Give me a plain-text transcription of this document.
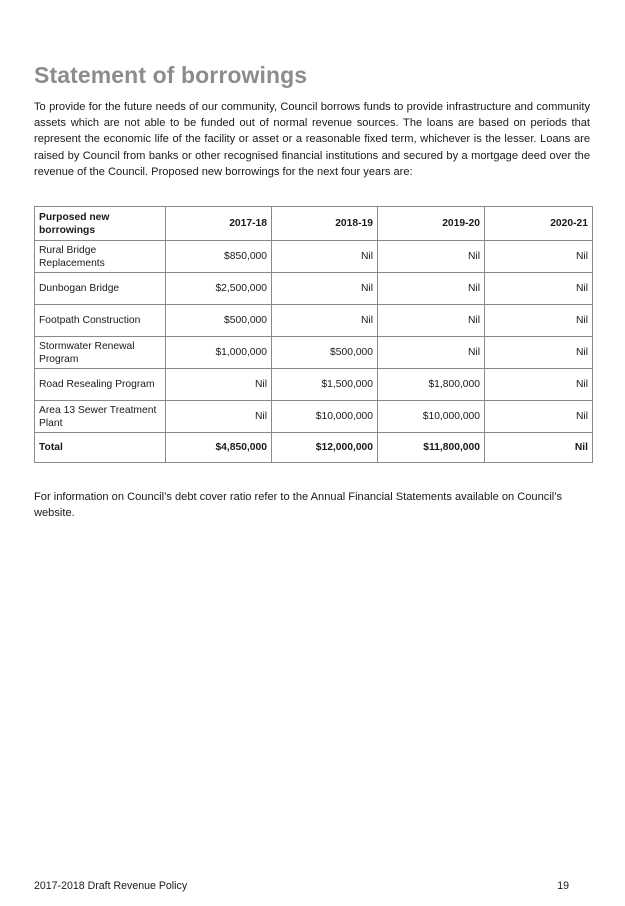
Statement of borrowings

To provide for the future needs of our community, Council borrows funds to provide infrastructure and community assets which are not able to be funded out of normal revenue sources. The loans are based on periods that represent the economic life of the facility or asset or a reasonable fixed term, whichever is the lesser. Loans are raised by Council from banks or other recognised financial institutions and secured by a mortgage deed over the revenue of the Council. Proposed new borrowings for the next four years are:

Purposed new borrowings	2017-18	2018-19	2019-20	2020-21
Rural Bridge Replacements	$850,000	Nil	Nil	Nil
Dunbogan Bridge	$2,500,000	Nil	Nil	Nil
Footpath Construction	$500,000	Nil	Nil	Nil
Stormwater Renewal Program	$1,000,000	$500,000	Nil	Nil
Road Resealing Program	Nil	$1,500,000	$1,800,000	Nil
Area 13 Sewer Treatment Plant	Nil	$10,000,000	$10,000,000	Nil
Total	$4,850,000	$12,000,000	$11,800,000	Nil

For information on Council’s debt cover ratio refer to the Annual Financial Statements available on Council’s website.

2017-2018 Draft Revenue Policy	19
